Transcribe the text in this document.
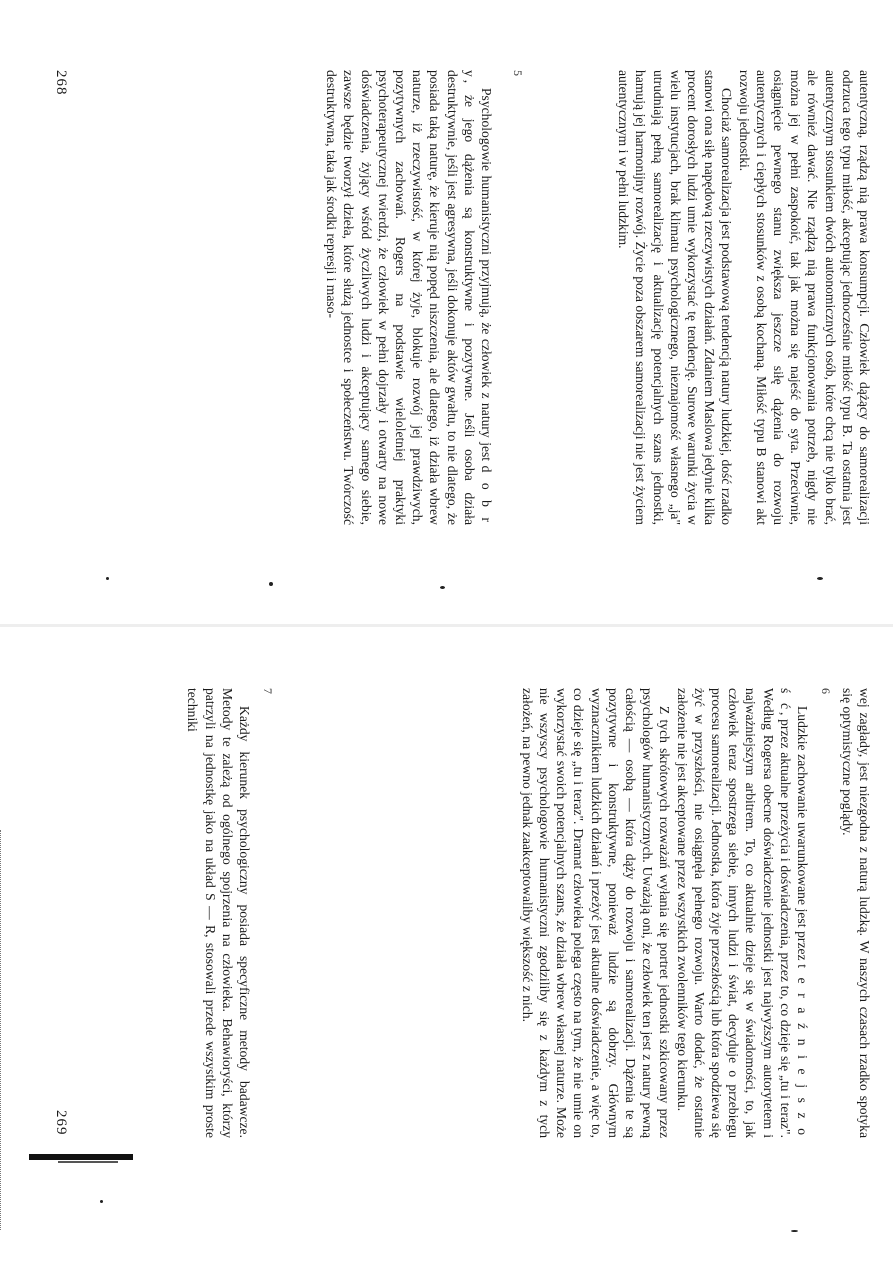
autentyczną, rządzą nią prawa konsumpcji. Człowiek dążący do samorealizacji odrzuca tego typu miłość, akceptując jednocześnie miłość typu B. Ta ostatnia jest autentycznym stosunkiem dwóch autonomicznych osób, które chcą nie tylko brać, ale również dawać. Nie rządzą nią prawa funkcjonowania potrzeb, nigdy nie można jej w pełni zaspokoić, tak jak można się najeść do syta. Przeciwnie, osiągnięcie pewnego stanu zwiększa jeszcze siłę dążenia do rozwoju autentycznych i ciepłych stosunków z osobą kochaną. Miłość typu B stanowi akt rozwoju jednostki.

Chociaż samorealizacja jest podstawową tendencją natury ludzkiej, dość rzadko stanowi ona siłę napędową rzeczywistych działań. Zdaniem Maslowa jedynie kilka procent dorosłych ludzi umie wykorzystać tę tendencję. Surowe warunki życia w wielu instytucjach, brak klimatu psychologicznego, nieznajomość własnego „ja" utrudniają pełną samorealizację i aktualizację potencjalnych szans jednostki, hamują jej harmonijny rozwój. Życie poza obszarem samorealizacji nie jest życiem autentycznym i w pełni ludzkim.

5

Psychologowie humanistyczni przyjmują, że człowiek z natury jest d o b r y, że jego dążenia są konstruktywne i pozytywne. Jeśli osoba działa destruktywnie, jeśli jest agresywna, jeśli dokonuje aktów gwałtu, to nie dlatego, że posiada taką naturę, że kieruje nią popęd niszczenia, ale dlatego, iż działa wbrew naturze, iż rzeczywistość, w której żyje, blokuje rozwój jej prawdziwych, pozytywnych zachowań. Rogers na podstawie wieloletniej praktyki psychoterapeutycznej twierdzi, że człowiek w pełni dojrzały i otwarty na nowe doświadczenia, żyjący wśród życzliwych ludzi i akceptujący samego siebie, zawsze będzie tworzył dzieła, które służą jednostce i społeczeństwu. Twórczość destruktywna, taka jak środki represji i maso-

268

wej zagłady, jest niezgodna z naturą ludzką. W naszych czasach rzadko spotyka się optymistyczne poglądy.

6

Ludzkie zachowanie uwarunkowane jest przez t e r a ź n i e j s z o ś ć, przez aktualne przeżycia i doświadczenia, przez to, co dzieje się „tu i teraz". Według Rogersa obecne doświadczenie jednostki jest najwyższym autorytetem i najważniejszym arbitrem. To, co aktualnie dzieje się w świadomości, to, jak człowiek teraz spostrzega siebie, innych ludzi i świat, decyduje o przebiegu procesu samorealizacji. Jednostka, która żyje przeszłością lub która spodziewa się żyć w przyszłości, nie osiągnęła pełnego rozwoju. Warto dodać, że ostatnie założenie nie jest akceptowane przez wszystkich zwolenników tego kierunku.

Z tych skrótowych rozważań wyłania się portret jednostki szkicowany przez psychologów humanistycznych. Uważają oni, że człowiek ten jest z natury pewną całością — osobą — która dąży do rozwoju i samorealizacji. Dążenia te są pozytywne i konstruktywne, ponieważ ludzie są dobrzy. Głównym wyznacznikiem ludzkich działań i przeżyć jest aktualne doświadczenie, a więc to, co dzieje się „tu i teraz". Dramat człowieka polega często na tym, że nie umie on wykorzystać swoich potencjalnych szans, że działa wbrew własnej naturze. Może nie wszyscy psychologowie humanistyczni zgodziliby się z każdym z tych założeń, na pewno jednak zaakceptowaliby większość z nich.

7

Każdy kierunek psychologiczny posiada specyficzne metody badawcze. Metody te zależą od ogólnego spojrzenia na człowieka. Behawioryści, którzy patrzyli na jednostkę jako na układ S — R, stosowali przede wszystkim proste techniki

269
